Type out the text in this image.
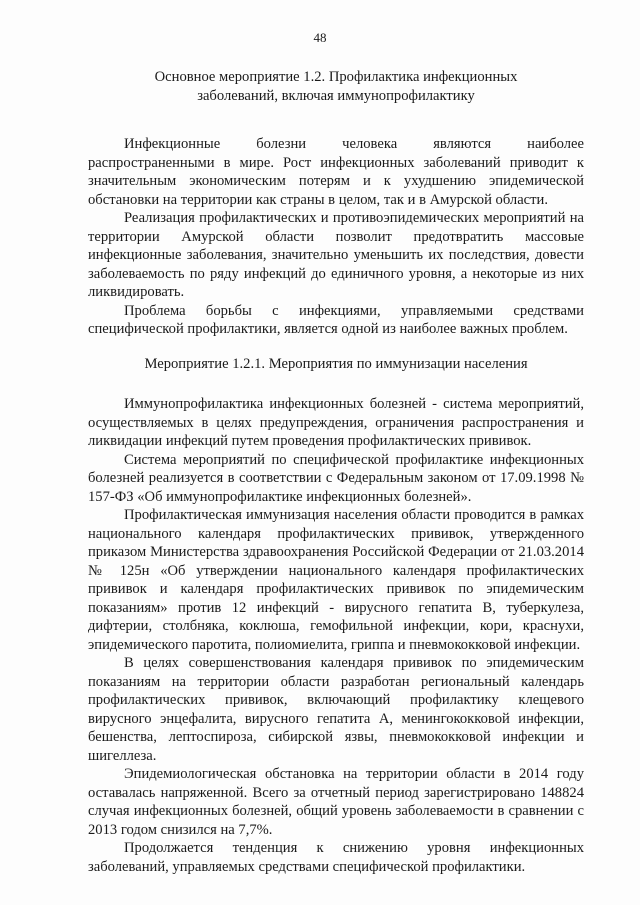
48
Основное мероприятие 1.2. Профилактика инфекционных
заболеваний, включая иммунопрофилактику

Инфекционные болезни человека являются наиболее распространенными в мире. Рост инфекционных заболеваний приводит к значительным экономическим потерям и к ухудшению эпидемической обстановки на территории как страны в целом, так и в Амурской области.

Реализация профилактических и противоэпидемических мероприятий на территории Амурской области позволит предотвратить массовые инфекционные заболевания, значительно уменьшить их последствия, довести заболеваемость по ряду инфекций до единичного уровня, а некоторые из них ликвидировать.

Проблема борьбы с инфекциями, управляемыми средствами специфической профилактики, является одной из наиболее важных проблем.

Мероприятие 1.2.1. Мероприятия по иммунизации населения

Иммунопрофилактика инфекционных болезней - система мероприятий, осуществляемых в целях предупреждения, ограничения распространения и ликвидации инфекций путем проведения профилактических прививок.

Система мероприятий по специфической профилактике инфекционных болезней реализуется в соответствии с Федеральным законом от 17.09.1998 № 157-ФЗ «Об иммунопрофилактике инфекционных болезней».

Профилактическая иммунизация населения области проводится в рамках национального календаря профилактических прививок, утвержденного приказом Министерства здравоохранения Российской Федерации от 21.03.2014 № 125н «Об утверждении национального календаря профилактических прививок и календаря профилактических прививок по эпидемическим показаниям» против 12 инфекций - вирусного гепатита В, туберкулеза, дифтерии, столбняка, коклюша, гемофильной инфекции, кори, краснухи, эпидемического паротита, полиомиелита, гриппа и пневмококковой инфекции.

В целях совершенствования календаря прививок по эпидемическим показаниям на территории области разработан региональный календарь профилактических прививок, включающий профилактику клещевого вирусного энцефалита, вирусного гепатита А, менингококковой инфекции, бешенства, лептоспироза, сибирской язвы, пневмококковой инфекции и шигеллеза.

Эпидемиологическая обстановка на территории области в 2014 году оставалась напряженной. Всего за отчетный период зарегистрировано 148824 случая инфекционных болезней, общий уровень заболеваемости в сравнении с 2013 годом снизился на 7,7%.

Продолжается тенденция к снижению уровня инфекционных заболеваний, управляемых средствами специфической профилактики.
